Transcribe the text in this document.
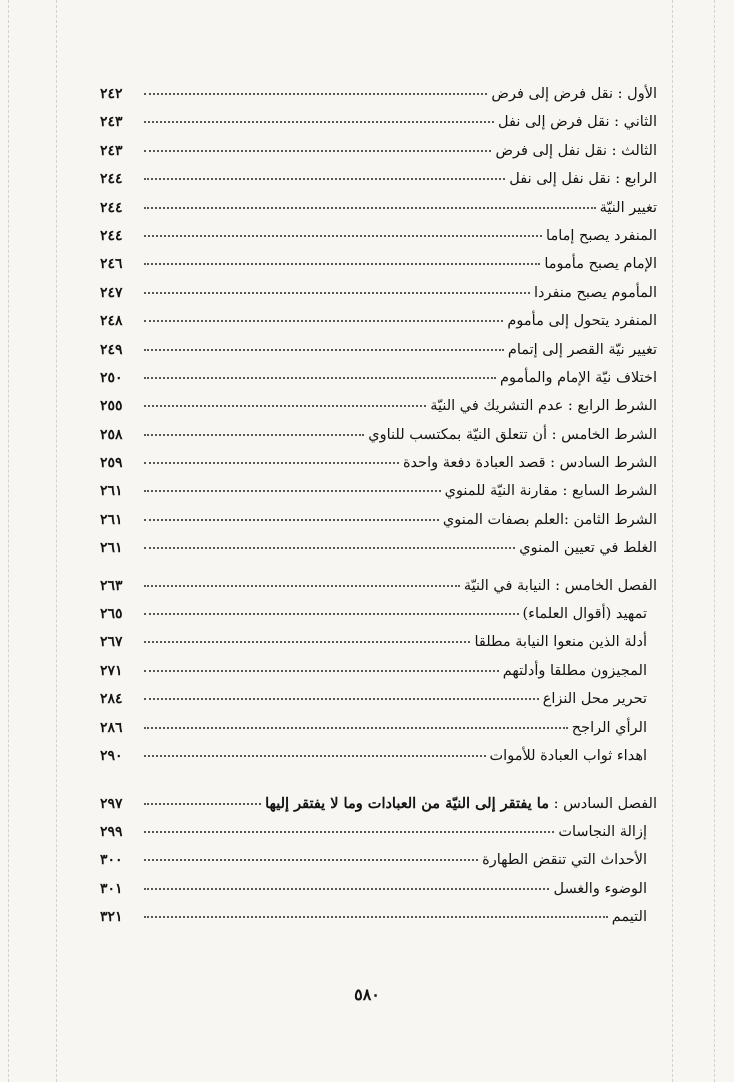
الأول : نقل فرض إلى فرض
٢٤٢
الثاني : نقل فرض إلى نفل
٢٤٣
الثالث : نقل نفل إلى فرض
٢٤٣
الرابع : نقل نفل إلى نفل
٢٤٤
تغيير النيّة
٢٤٤
المنفرد يصبح إماما
٢٤٤
الإمام يصبح مأموما
٢٤٦
المأموم يصبح منفردا
٢٤٧
المنفرد يتحول إلى مأموم
٢٤٨
تغيير نيّة القصر إلى إتمام
٢٤٩
اختلاف نيّة الإمام والمأموم
٢٥٠
الشرط الرابع : عدم التشريك في النيّة
٢٥٥
الشرط الخامس : أن تتعلق النيّة بمكتسب للناوي
٢٥٨
الشرط السادس : قصد العبادة دفعة واحدة
٢٥٩
الشرط السابع : مقارنة النيّة للمنوي
٢٦١
الشرط الثامن :العلم بصفات المنوي
٢٦١
الغلط في تعيين المنوي
٢٦١
الفصل الخامس : النيابة في النيّة
٢٦٣
تمهيد (أقوال العلماء)
٢٦٥
أدلة الذين منعوا النيابة مطلقا
٢٦٧
المجيزون مطلقا وأدلتهم
٢٧١
تحرير محل النزاع
٢٨٤
الرأي الراجح
٢٨٦
اهداء ثواب العبادة للأموات
٢٩٠
الفصل السادس : ما يفتقر إلى النيّة من العبادات وما لا يفتقر إليها
٢٩٧
إزالة النجاسات
٢٩٩
الأحداث التي تنقض الطهارة
٣٠٠
الوضوء والغسل
٣٠١
التيمم
٣٢١
٥٨٠
